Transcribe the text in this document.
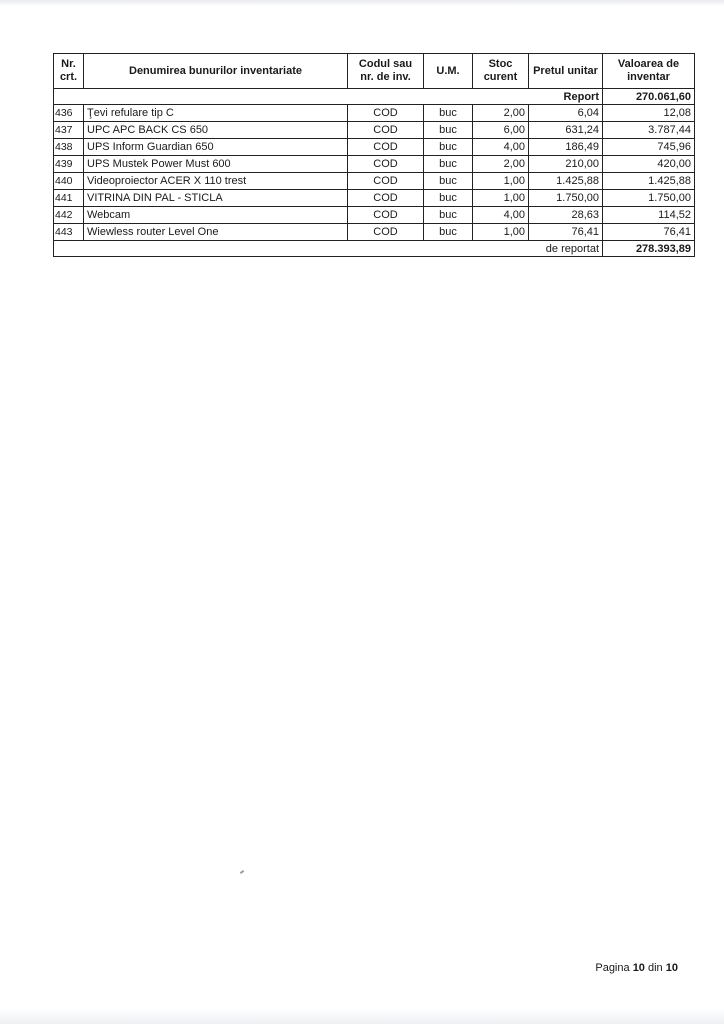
Nr. crt.	Denumirea bunurilor inventariate	Codul sau nr. de inv.	U.M.	Stoc curent	Pretul unitar	Valoarea de inventar
Report						270.061,60
436	Ţevi refulare tip C	COD	buc	2,00	6,04	12,08
437	UPC APC BACK CS 650	COD	buc	6,00	631,24	3.787,44
438	UPS Inform Guardian 650	COD	buc	4,00	186,49	745,96
439	UPS Mustek Power Must 600	COD	buc	2,00	210,00	420,00
440	Videoproiector ACER X 110 trest	COD	buc	1,00	1.425,88	1.425,88
441	VITRINA DIN PAL - STICLA	COD	buc	1,00	1.750,00	1.750,00
442	Webcam	COD	buc	4,00	28,63	114,52
443	Wiewless router Level One	COD	buc	1,00	76,41	76,41
de reportat						278.393,89
Pagina 10 din 10
